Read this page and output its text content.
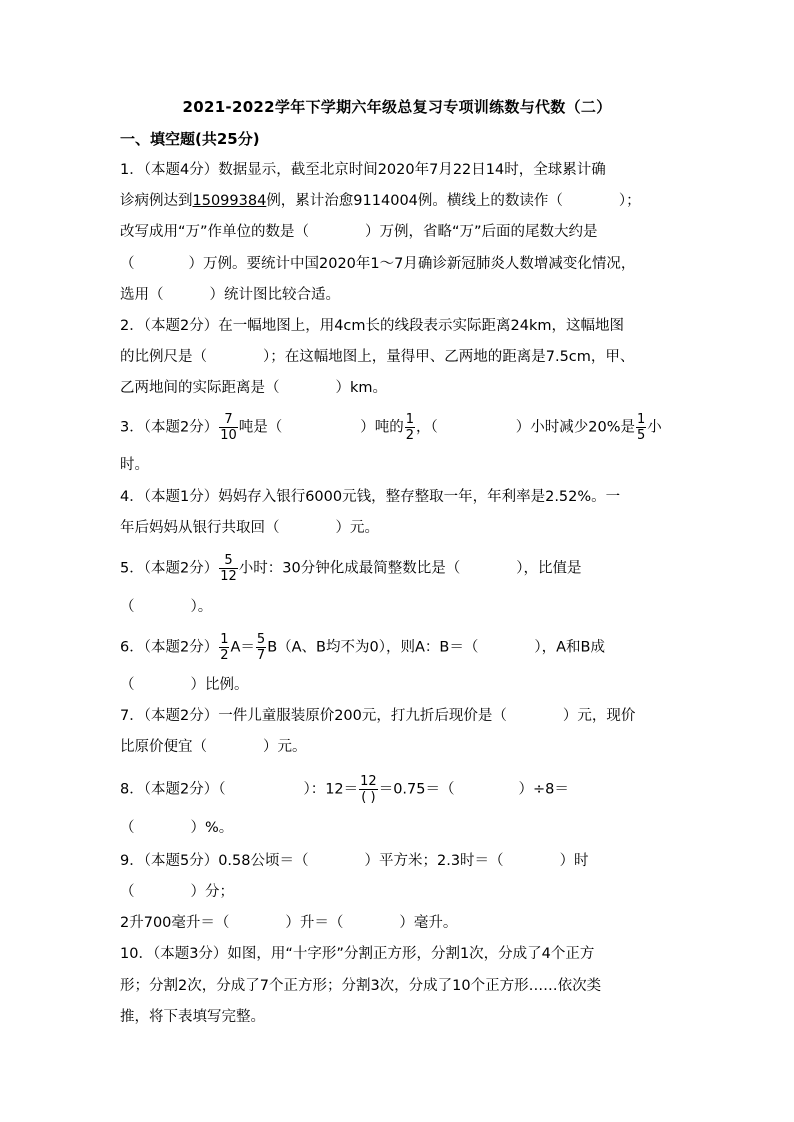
2021-2022学年下学期六年级总复习专项训练数与代数（二）
一、填空题(共25分)
1．（本题4分）数据显示，截至北京时间2020年7月22日14时，全球累计确
诊病例达到15099384例，累计治愈9114004例。横线上的数读作（	）；
改写成用“万”作单位的数是（	）万例，省略“万”后面的尾数大约是
（	）万例。要统计中国2020年1～7月确诊新冠肺炎人数增减变化情况，
选用（	）统计图比较合适。
2．（本题2分）在一幅地图上，用4cm长的线段表示实际距离24km，这幅地图
的比例尺是（	）；在这幅地图上，量得甲、乙两地的距离是7.5cm，甲、
乙两地间的实际距离是（	）km。
3．（本题2分） $\frac{7}{10}$ 吨是（	）吨的 $\frac{1}{2}$ ，（	）小时减少20%是 $\frac{1}{5}$ 小
时。
4．（本题1分）妈妈存入银行6000元钱，整存整取一年，年利率是2.52%。一
年后妈妈从银行共取回（	）元。
5．（本题2分） $\frac{5}{12}$ 小时：30分钟化成最简整数比是（	），比值是
（	）。
6．（本题2分） $\frac{1}{2} A= \frac{5}{7} B(A$、B均不为0），则A：B＝（	），A和B成
（	）比例。
7．（本题2分）一件儿童服装原价200元，打九折后现价是（	）元，现价
比原价便宜（	）元。
8．（本题2分）（	）：$12= \frac{12}{( )} =0.75=$（	）÷8＝
（	）%。
9．（本题5分）0.58公顷＝（	）平方米；2.3时＝（	）时
（	）分；
2升700毫升＝（	）升＝（	）毫升。
10．（本题3分）如图，用“十字形”分割正方形，分割1次，分成了4个正方
形；分割2次，分成了7个正方形；分割3次，分成了10个正方形……依次类
推，将下表填写完整。
